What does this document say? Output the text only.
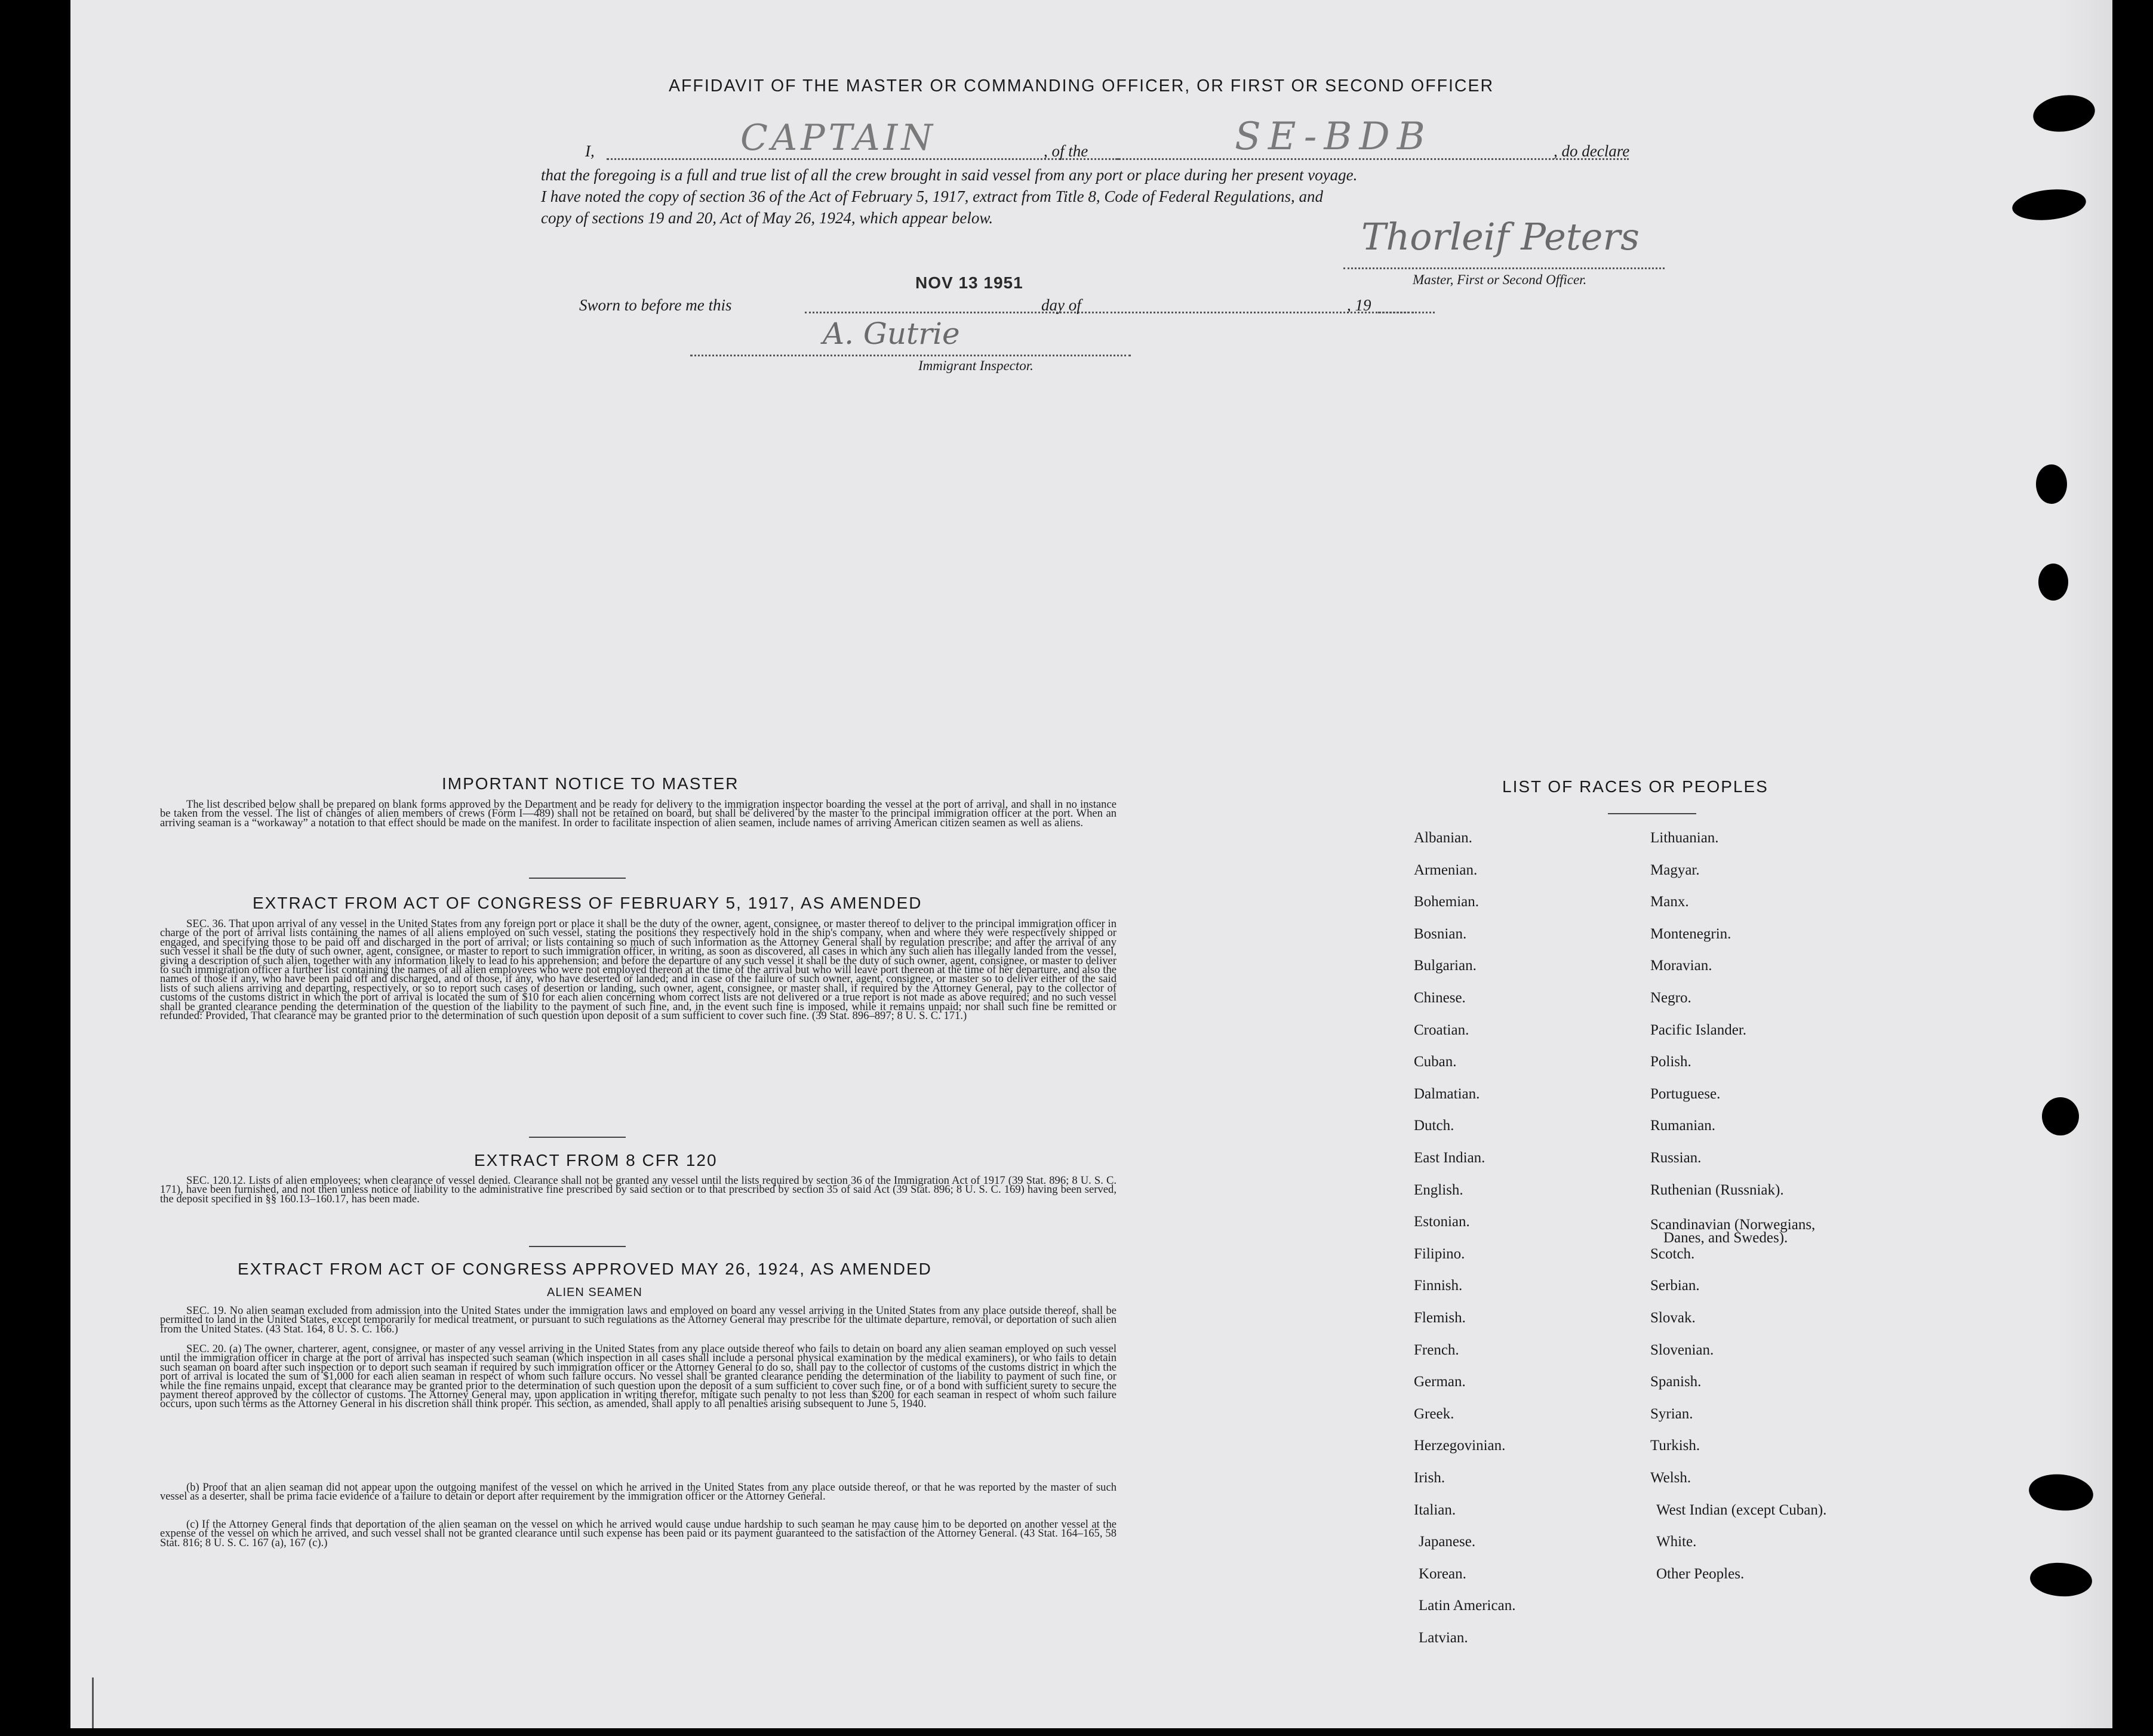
AFFIDAVIT OF THE MASTER OR COMMANDING OFFICER, OR FIRST OR SECOND OFFICER
I,	CAPTAIN	, of the	SE-BDB	, do declare
that the foregoing is a full and true list of all the crew brought in said vessel from any port or place during her present voyage.
I have noted the copy of section 36 of the Act of February 5, 1917, extract from Title 8, Code of Federal Regulations, and
copy of sections 19 and 20, Act of May 26, 1924, which appear below.	Thorleif Peters
Master, First or Second Officer.
NOV 13 1951
Sworn to before me this	day of	, 19
A. Gutrie
Immigrant Inspector.
IMPORTANT NOTICE TO MASTER
The list described below shall be prepared on blank forms approved by the Department and be ready for delivery to the immigration inspector boarding the vessel at the port of arrival, and shall in no instance be taken from the vessel. The list of changes of alien members of crews (Form I—489) shall not be retained on board, but shall be delivered by the master to the principal immigration officer at the port. When an arriving seaman is a “workaway” a notation to that effect should be made on the manifest. In order to facilitate inspection of alien seamen, include names of arriving American citizen seamen as well as aliens.
EXTRACT FROM ACT OF CONGRESS OF FEBRUARY 5, 1917, AS AMENDED
SEC. 36. That upon arrival of any vessel in the United States from any foreign port or place it shall be the duty of the owner, agent, consignee, or master thereof to deliver to the principal immigration officer in charge of the port of arrival lists containing the names of all aliens employed on such vessel, stating the positions they respectively hold in the ship's company, when and where they were respectively shipped or engaged, and specifying those to be paid off and discharged in the port of arrival; or lists containing so much of such information as the Attorney General shall by regulation prescribe; and after the arrival of any such vessel it shall be the duty of such owner, agent, consignee, or master to report to such immigration officer, in writing, as soon as discovered, all cases in which any such alien has illegally landed from the vessel, giving a description of such alien, together with any information likely to lead to his apprehension; and before the departure of any such vessel it shall be the duty of such owner, agent, consignee, or master to deliver to such immigration officer a further list containing the names of all alien employees who were not employed thereon at the time of the arrival but who will leave port thereon at the time of her departure, and also the names of those if any, who have been paid off and discharged, and of those, if any, who have deserted or landed; and in case of the failure of such owner, agent, consignee, or master so to deliver either of the said lists of such aliens arriving and departing, respectively, or so to report such cases of desertion or landing, such owner, agent, consignee, or master shall, if required by the Attorney General, pay to the collector of customs of the customs district in which the port of arrival is located the sum of $10 for each alien concerning whom correct lists are not delivered or a true report is not made as above required; and no such vessel shall be granted clearance pending the determination of the question of the liability to the payment of such fine, and, in the event such fine is imposed, while it remains unpaid; nor shall such fine be remitted or refunded: Provided, That clearance may be granted prior to the determination of such question upon deposit of a sum sufficient to cover such fine. (39 Stat. 896–897; 8 U. S. C. 171.)
EXTRACT FROM 8 CFR 120
SEC. 120.12. Lists of alien employees; when clearance of vessel denied. Clearance shall not be granted any vessel until the lists required by section 36 of the Immigration Act of 1917 (39 Stat. 896; 8 U. S. C. 171), have been furnished, and not then unless notice of liability to the administrative fine prescribed by said section or to that prescribed by section 35 of said Act (39 Stat. 896; 8 U. S. C. 169) having been served, the deposit specified in §§ 160.13–160.17, has been made.
EXTRACT FROM ACT OF CONGRESS APPROVED MAY 26, 1924, AS AMENDED
ALIEN SEAMEN
SEC. 19. No alien seaman excluded from admission into the United States under the immigration laws and employed on board any vessel arriving in the United States from any place outside thereof, shall be permitted to land in the United States, except temporarily for medical treatment, or pursuant to such regulations as the Attorney General may prescribe for the ultimate departure, removal, or deportation of such alien from the United States. (43 Stat. 164, 8 U. S. C. 166.)
SEC. 20. (a) The owner, charterer, agent, consignee, or master of any vessel arriving in the United States from any place outside thereof who fails to detain on board any alien seaman employed on such vessel until the immigration officer in charge at the port of arrival has inspected such seaman (which inspection in all cases shall include a personal physical examination by the medical examiners), or who fails to detain such seaman on board after such inspection or to deport such seaman if required by such immigration officer or the Attorney General to do so, shall pay to the collector of customs of the customs district in which the port of arrival is located the sum of $1,000 for each alien seaman in respect of whom such failure occurs. No vessel shall be granted clearance pending the determination of the liability to payment of such fine, or while the fine remains unpaid, except that clearance may be granted prior to the determination of such question upon the deposit of a sum sufficient to cover such fine, or of a bond with sufficient surety to secure the payment thereof approved by the collector of customs. The Attorney General may, upon application in writing therefor, mitigate such penalty to not less than $200 for each seaman in respect of whom such failure occurs, upon such terms as the Attorney General in his discretion shall think proper. This section, as amended, shall apply to all penalties arising subsequent to June 5, 1940.
(b) Proof that an alien seaman did not appear upon the outgoing manifest of the vessel on which he arrived in the United States from any place outside thereof, or that he was reported by the master of such vessel as a deserter, shall be prima facie evidence of a failure to detain or deport after requirement by the immigration officer or the Attorney General.
(c) If the Attorney General finds that deportation of the alien seaman on the vessel on which he arrived would cause undue hardship to such seaman he may cause him to be deported on another vessel at the expense of the vessel on which he arrived, and such vessel shall not be granted clearance until such expense has been paid or its payment guaranteed to the satisfaction of the Attorney General. (43 Stat. 164–165, 58 Stat. 816; 8 U. S. C. 167 (a), 167 (c).)
LIST OF RACES OR PEOPLES
Albanian.
Armenian.
Bohemian.
Bosnian.
Bulgarian.
Chinese.
Croatian.
Cuban.
Dalmatian.
Dutch.
East Indian.
English.
Estonian.
Filipino.
Finnish.
Flemish.
French.
German.
Greek.
Herzegovinian.
Irish.
Italian.
Japanese.
Korean.
Latin American.
Latvian.
Lithuanian.
Magyar.
Manx.
Montenegrin.
Moravian.
Negro.
Pacific Islander.
Polish.
Portuguese.
Rumanian.
Russian.
Ruthenian (Russniak).
Scandinavian (Norwegians,
Danes, and Swedes).
Scotch.
Serbian.
Slovak.
Slovenian.
Spanish.
Syrian.
Turkish.
Welsh.
West Indian (except Cuban).
White.
Other Peoples.
